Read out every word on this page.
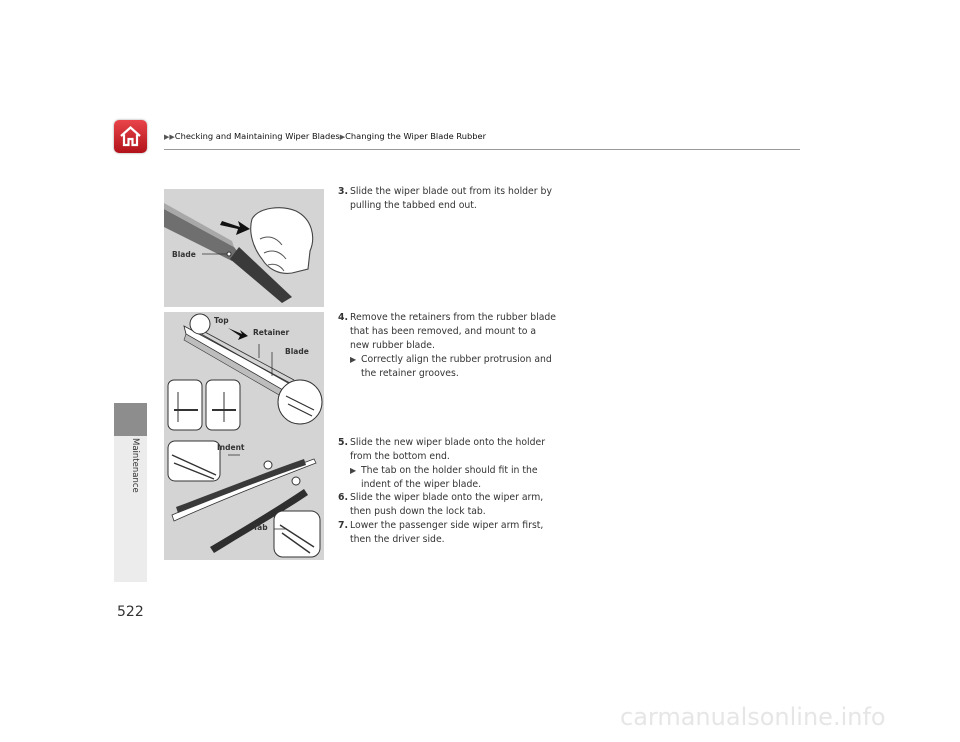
▶▶Checking and Maintaining Wiper Blades▶Changing the Wiper Blade Rubber
Maintenance
522
Blade
Top
Retainer
Blade
Indent
Tab
3. Slide the wiper blade out from its holder by pulling the tabbed end out.
4. Remove the retainers from the rubber blade that has been removed, and mount to a new rubber blade.
▶ Correctly align the rubber protrusion and the retainer grooves.
5. Slide the new wiper blade onto the holder from the bottom end.
▶ The tab on the holder should fit in the indent of the wiper blade.
6. Slide the wiper blade onto the wiper arm, then push down the lock tab.
7. Lower the passenger side wiper arm first, then the driver side.
carmanualsonline.info
